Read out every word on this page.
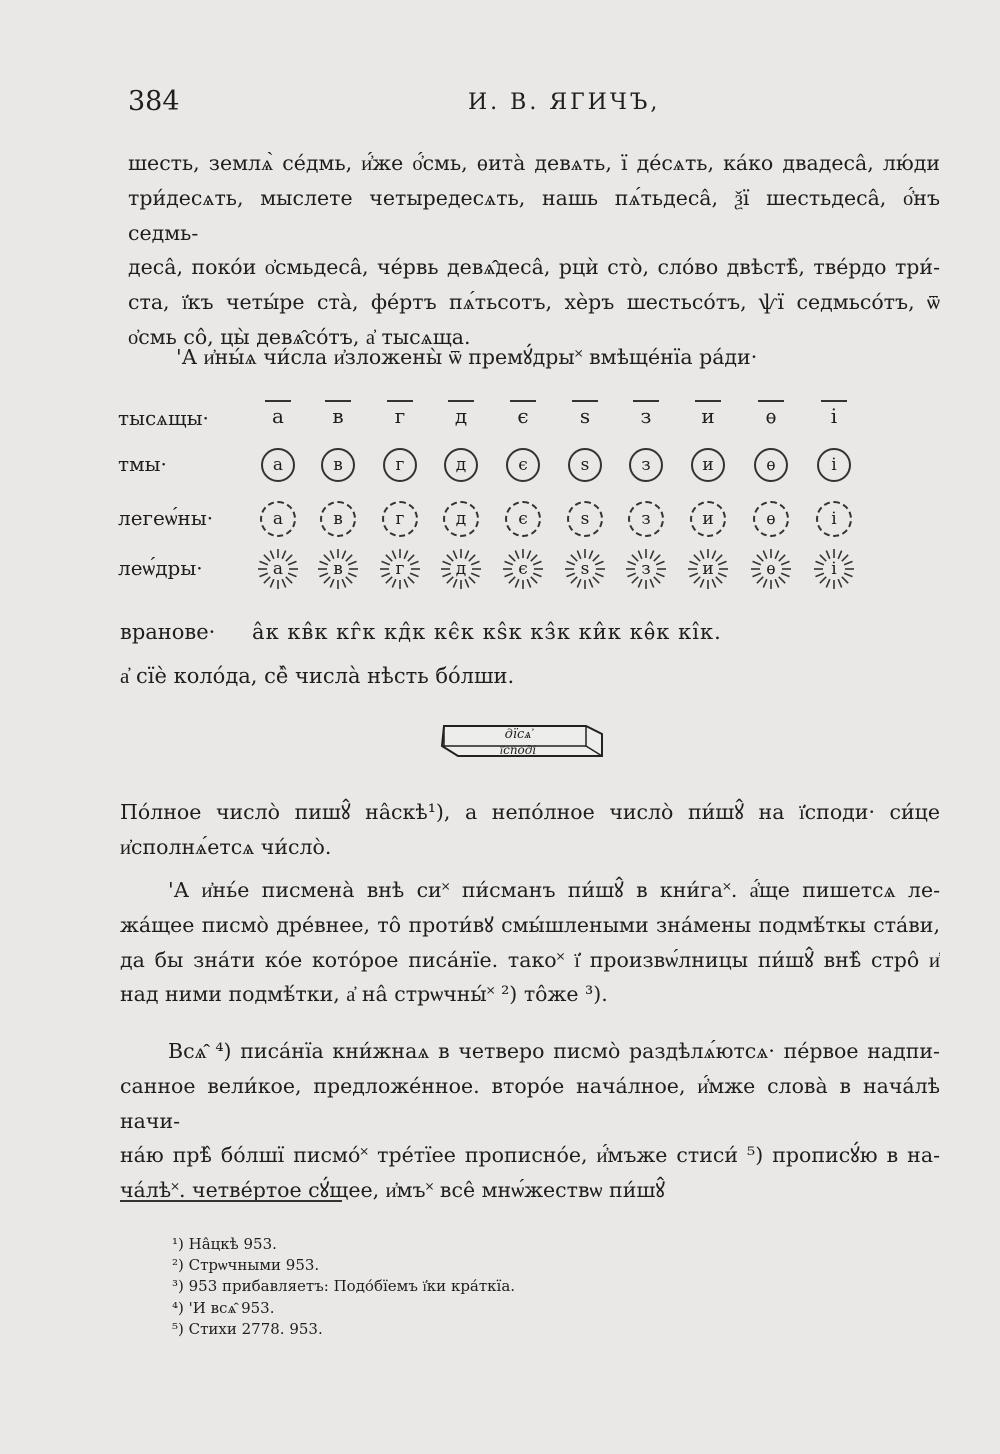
384	И. В. ЯГИЧЪ,
шесть, землѧ̀ се́дмь, и҆́же о҆́смь, ѳита̀ девѧть, ї де́сѧть, ка́ко двадеса̂, лю́ди
три́десѧть, мыслете четыредесѧть, нашь пѧ́тьдеса̂, ѯї шестьдеса̂, о҆́нъ седмь-
деса̂, поко́и о҆смьдеса̂, че́рвь девѧ̂деса̂, рцѝ сто̀, сло́во двѣстѣ̂, тве́рдо три́-
ста, ї҆къ четы́ре ста̀, фе́ртъ пѧ́тьсотъ, хѐръ шестьсо́тъ, ѱї седмьсо́тъ, ѿ
о҆смь со̂, цы̀ девѧ̂со́тъ, а҆ тысѧща.
'А и҆ны́ѧ чи́сла и҆зложены̀ ѿ премꙋ́дры˟ вмѣще́нїа ра́ди·
тысѧщы·	а	в	г	д	є	ѕ	з	и	ѳ	і
тмы·	а	в	г	д	є	ѕ	з	и	ѳ	і
легеѡ́ны·	а	в	г	д	є	ѕ	з	и	ѳ	і
леѡ́дры·	а	в	г	д	є	ѕ	з	и	ѳ	і
вранове· а̂к кв̂к кг̂к кд̂к кє̂к кѕ̂к кз̂к ки̂к кѳ̂к кі̂к.
а҆ сїѐ коло́да, сѐ̂ числа̀ нѣсть бо́лши.
дїсѧ҆
ї҆споді
По́лное число̀ пишꙋ̂ на̂скѣ¹), а непо́лное число̀ пи́шꙋ̂ на ї҆споди· си́це
и҆сполнѧ́етсѧ чи́сло̀.
'А и҆нь́е писмена̀ внѣ си˟ пи́сманъ пи́шꙋ̂ в кни́га˟. а҆́ще пишетсѧ ле-
жа́щее писмо̀ дре́внее, то̂ проти́вꙋ смы́шлеными зна́мены подмѣ́ткы ста́ви,
да бы зна́ти ко́е кото́рое писа́нїе. тако˟ ї҆ произвѡ́лницы пи́шꙋ̂ внѣ̂ стро̂ и҆
над ними подмѣ́тки, а҆ на̂ стрѡчны́˟ ²) то̂же ³).
Всѧ̂ ⁴) писа́нїа кни́жнаѧ в четверо писмо̀ раздѣлѧ́ютсѧ· пе́рвое надпи-
санное вели́кое, предложе́нное. второ́е нача́лное, и҆́мже слова̀ в нача́лѣ начи-
на́ю прѣ̂ бо́лшї писмо́˟ тре́тїее прописно́е, и҆́мъже стиси́ ⁵) прописꙋ́ю в на-
ча́лѣ˟. четве́ртое сꙋ́щее, и҆мъ˟ все̂ мнѡ́жествѡ пи́шꙋ̂
¹) На̂цкѣ 953.
²) Стрѡчными 953.
³) 953 прибавляетъ: Подо́бїемъ ї҆ки кра́ткїа.
⁴) 'И всѧ̂ 953.
⁵) Стихи 2778. 953.
